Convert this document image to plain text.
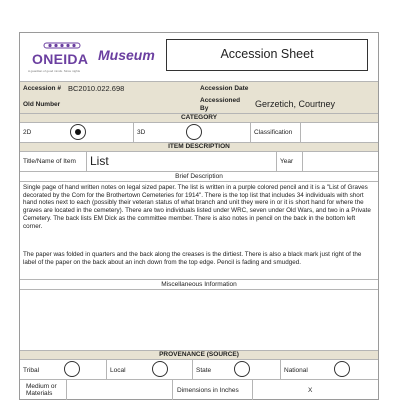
ONEIDA
A guardian of good minds. Since nights
Museum	Accession Sheet
Accession # BC2010.022.698	Accession Date
Old Number
Accessioned
By	Gerzetich, Courtney
CATEGORY
2D	3D	Classification
ITEM DESCRIPTION
Title/Name of Item List	Year
Brief Description
Single page of hand written notes on legal sized paper. The list is written in a purple colored pencil and it is a "List of Graves decorated by the Com for the Brothertown Cemeteries for 1914". There is the top list that includes 34 individuals with short hand notes next to each (possibly their veteran status of what branch and unit they were in or it is short hand for where the graves are located in the cemetery). There are two individuals listed under WRC, seven under Old Wars, and two in a Private Cemetery. The back lists EM Dick as the committee member. There is also notes in pencil on the back in the bottom left corner.
The paper was folded in quarters and the back along the creases is the dirtiest. There is also a black mark just right of the label of the paper on the back about an inch down from the top edge. Pencil is fading and smudged.
Miscellaneous Information
PROVENANCE (SOURCE)
Tribal	Local	State	National
Medium or
Materials	Dimensions in Inches	X
